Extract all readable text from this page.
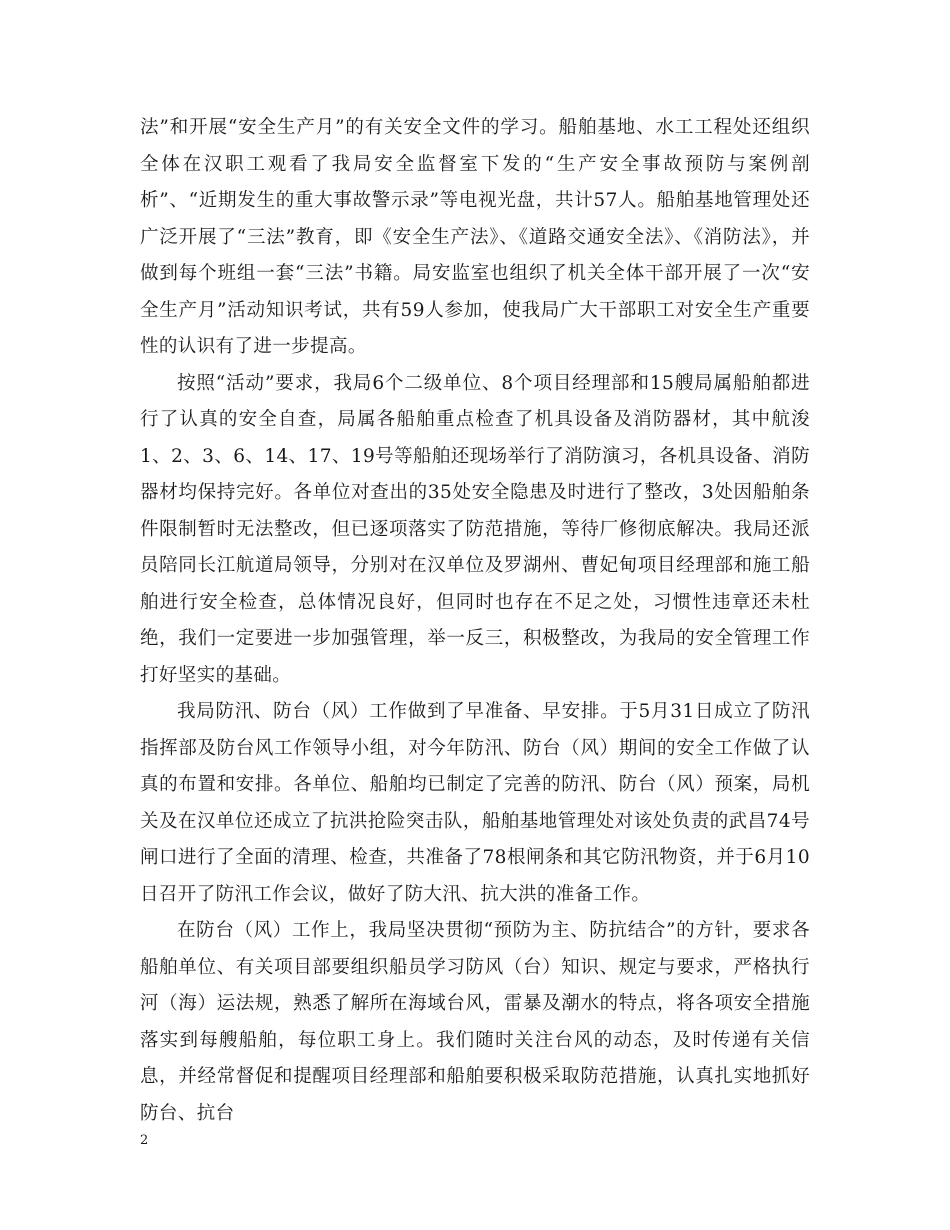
法”和开展“安全生产月”的有关安全文件的学习。船舶基地、水工工程处还组织全体在汉职工观看了我局安全监督室下发的“生产安全事故预防与案例剖析”、“近期发生的重大事故警示录”等电视光盘，共计57人。船舶基地管理处还广泛开展了“三法”教育，即《安全生产法》、《道路交通安全法》、《消防法》，并做到每个班组一套“三法”书籍。局安监室也组织了机关全体干部开展了一次“安全生产月”活动知识考试，共有59人参加，使我局广大干部职工对安全生产重要性的认识有了进一步提高。

按照“活动”要求，我局6个二级单位、8个项目经理部和15艘局属船舶都进行了认真的安全自查，局属各船舶重点检查了机具设备及消防器材，其中航浚1、2、3、6、14、17、19号等船舶还现场举行了消防演习，各机具设备、消防器材均保持完好。各单位对查出的35处安全隐患及时进行了整改，3处因船舶条件限制暂时无法整改，但已逐项落实了防范措施，等待厂修彻底解决。我局还派员陪同长江航道局领导，分别对在汉单位及罗湖州、曹妃甸项目经理部和施工船舶进行安全检查，总体情况良好，但同时也存在不足之处，习惯性违章还未杜绝，我们一定要进一步加强管理，举一反三，积极整改，为我局的安全管理工作打好坚实的基础。

我局防汛、防台（风）工作做到了早准备、早安排。于5月31日成立了防汛指挥部及防台风工作领导小组，对今年防汛、防台（风）期间的安全工作做了认真的布置和安排。各单位、船舶均已制定了完善的防汛、防台（风）预案，局机关及在汉单位还成立了抗洪抢险突击队，船舶基地管理处对该处负责的武昌74号闸口进行了全面的清理、检查，共准备了78根闸条和其它防汛物资，并于6月10日召开了防汛工作会议，做好了防大汛、抗大洪的准备工作。

在防台（风）工作上，我局坚决贯彻“预防为主、防抗结合”的方针，要求各船舶单位、有关项目部要组织船员学习防风（台）知识、规定与要求，严格执行河（海）运法规，熟悉了解所在海域台风，雷暴及潮水的特点，将各项安全措施落实到每艘船舶，每位职工身上。我们随时关注台风的动态，及时传递有关信息，并经常督促和提醒项目经理部和船舶要积极采取防范措施，认真扎实地抓好防台、抗台

2
